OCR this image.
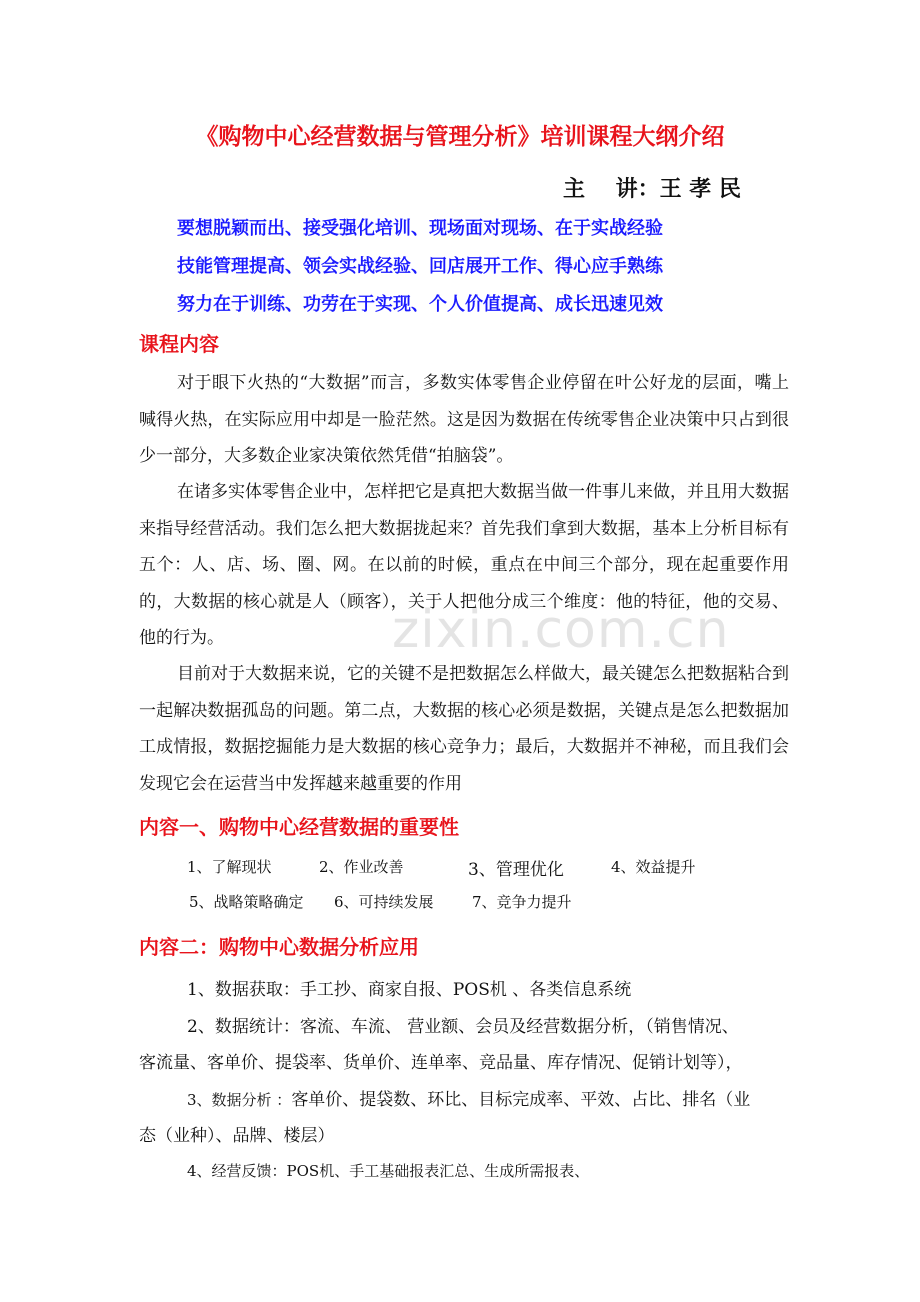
zixin.com.cn
《购物中心经营数据与管理分析》培训课程大纲介绍
主    讲：王 孝 民
要想脱颖而出、接受强化培训、现场面对现场、在于实战经验
技能管理提高、领会实战经验、回店展开工作、得心应手熟练
努力在于训练、功劳在于实现、个人价值提高、成长迅速见效
课程内容
对于眼下火热的“大数据”而言，多数实体零售企业停留在叶公好龙的层面，嘴上喊得火热，在实际应用中却是一脸茫然。这是因为数据在传统零售企业决策中只占到很少一部分，大多数企业家决策依然凭借“拍脑袋”。
在诸多实体零售企业中，怎样把它是真把大数据当做一件事儿来做，并且用大数据来指导经营活动。我们怎么把大数据拢起来？首先我们拿到大数据，基本上分析目标有五个：人、店、场、圈、网。在以前的时候，重点在中间三个部分，现在起重要作用的，大数据的核心就是人（顾客），关于人把他分成三个维度：他的特征，他的交易、他的行为。
目前对于大数据来说，它的关键不是把数据怎么样做大，最关键怎么把数据粘合到一起解决数据孤岛的问题。第二点，大数据的核心必须是数据，关键点是怎么把数据加工成情报，数据挖掘能力是大数据的核心竞争力；最后，大数据并不神秘，而且我们会发现它会在运营当中发挥越来越重要的作用
内容一、购物中心经营数据的重要性
1、了解现状	2、作业改善	3、管理优化	4、效益提升
5、战略策略确定 6、可持续发展	7、竞争力提升
内容二：购物中心数据分析应用
1、数据获取：手工抄、商家自报、POS机 、各类信息系统
2、数据统计：客流、车流、 营业额、会员及经营数据分析，（销售情况、
客流量、客单价、提袋率、货单价、连单率、竞品量、库存情况、促销计划等），
3、数据分析 ：客单价、提袋数、环比、目标完成率、平效、占比、排名（业
态（业种）、品牌、楼层）
4、经营反馈：POS机、手工基础报表汇总、生成所需报表、
